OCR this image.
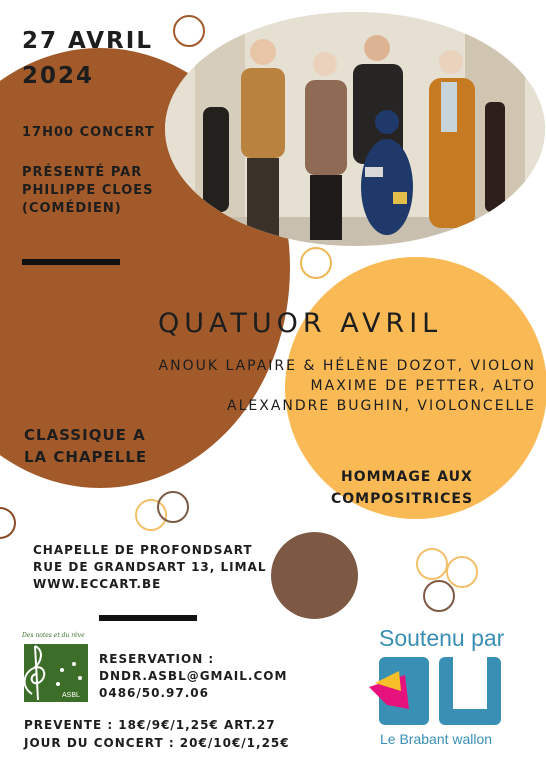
27 AVRIL
2024
17H00 CONCERT
PRÉSENTÉ PAR
PHILIPPE CLOES
(COMÉDIEN)
QUATUOR AVRIL
ANOUK LAPAIRE & HÉLÈNE DOZOT, VIOLON
MAXIME DE PETTER, ALTO
ALEXANDRE BUGHIN, VIOLONCELLE
CLASSIQUE A
LA CHAPELLE
HOMMAGE AUX
COMPOSITRICES
CHAPELLE DE PROFONDSART
RUE DE GRANDSART 13, LIMAL
WWW.ECCART.BE
Des notes et du rêve
ASBL
RESERVATION :
DNDR.ASBL@GMAIL.COM
0486/50.97.06
PREVENTE : 18€/9€/1,25€ ART.27
JOUR DU CONCERT : 20€/10€/1,25€
Soutenu par
Le Brabant wallon
